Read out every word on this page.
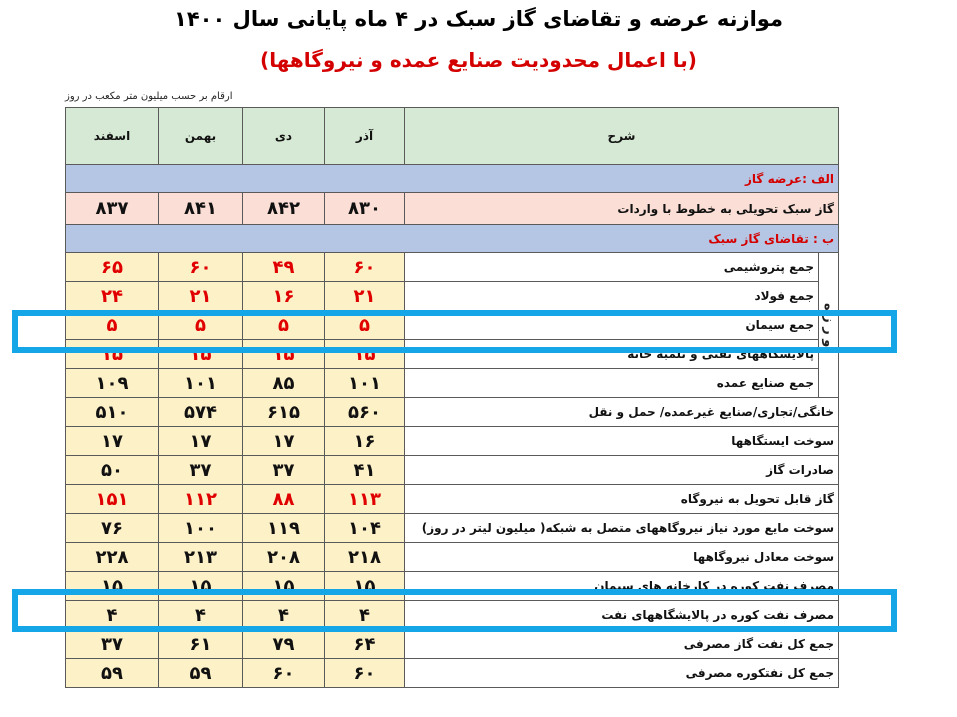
موازنه عرضه و تقاضای گاز سبک در ۴ ماه پایانی سال ۱۴۰۰
(با اعمال محدودیت صنایع عمده و نیروگاهها)
ارقام بر حسب میلیون متر مکعب در روز
اسفند	بهمن	دی	آذر	شرح	
الف :عرضه گاز					
۸۳۷	۸۴۱	۸۴۲	۸۳۰	گاز سبک تحویلی به خطوط با واردات	
ب : تقاضای گاز سبک					
۶۵	۶۰	۴۹	۶۰	جمع پتروشیمی	و ر ز ه
۲۴	۲۱	۱۶	۲۱	جمع فولاد	
۵	۵	۵	۵	جمع سیمان	
۱۵	۱۵	۱۵	۱۵	پالایشگاههای نفتی و تلمبه خانه	
۱۰۹	۱۰۱	۸۵	۱۰۱	جمع صنایع عمده	
۵۱۰	۵۷۴	۶۱۵	۵۶۰	خانگی/تجاری/صنایع غیرعمده/ حمل و نقل	
۱۷	۱۷	۱۷	۱۶	سوخت ایستگاهها	
۵۰	۳۷	۳۷	۴۱	صادرات گاز	
۱۵۱	۱۱۲	۸۸	۱۱۳	گاز قابل تحویل به نیروگاه	
۷۶	۱۰۰	۱۱۹	۱۰۴	سوخت مایع مورد نیاز نیروگاههای متصل به شبکه( میلیون لیتر در روز)	
۲۲۸	۲۱۳	۲۰۸	۲۱۸	سوخت معادل نیروگاهها	
۱۵	۱۵	۱۵	۱۵	مصرف نفت کوره در کارخانه های سیمان	
۴	۴	۴	۴	مصرف نفت کوره در پالایشگاههای نفت	
۳۷	۶۱	۷۹	۶۴	جمع کل نفت گاز مصرفی	
۵۹	۵۹	۶۰	۶۰	جمع کل نفتکوره مصرفی	
